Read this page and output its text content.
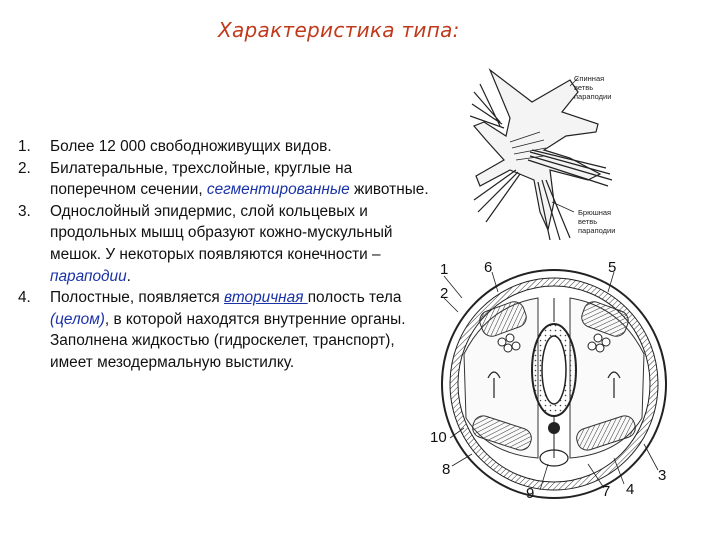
Характеристика типа:
1. Более 12 000 свободноживущих видов.
2. Билатеральные, трехслойные, круглые на поперечном сечении, сегментированные животные.
3. Однослойный эпидермис, слой кольцевых и продольных мышц образуют кожно-мускульный мешок. У некоторых появляются конечности – параподии.
4. Полостные, появляется вторичная полость тела (целом), в которой находятся внутренние органы. Заполнена жидкостью (гидроскелет, транспорт), имеет мезодермальную выстилку.
Спинная ветвь параподии
Брюшная ветвь параподии
1
2
6	5
10
8
9	7 4
3
